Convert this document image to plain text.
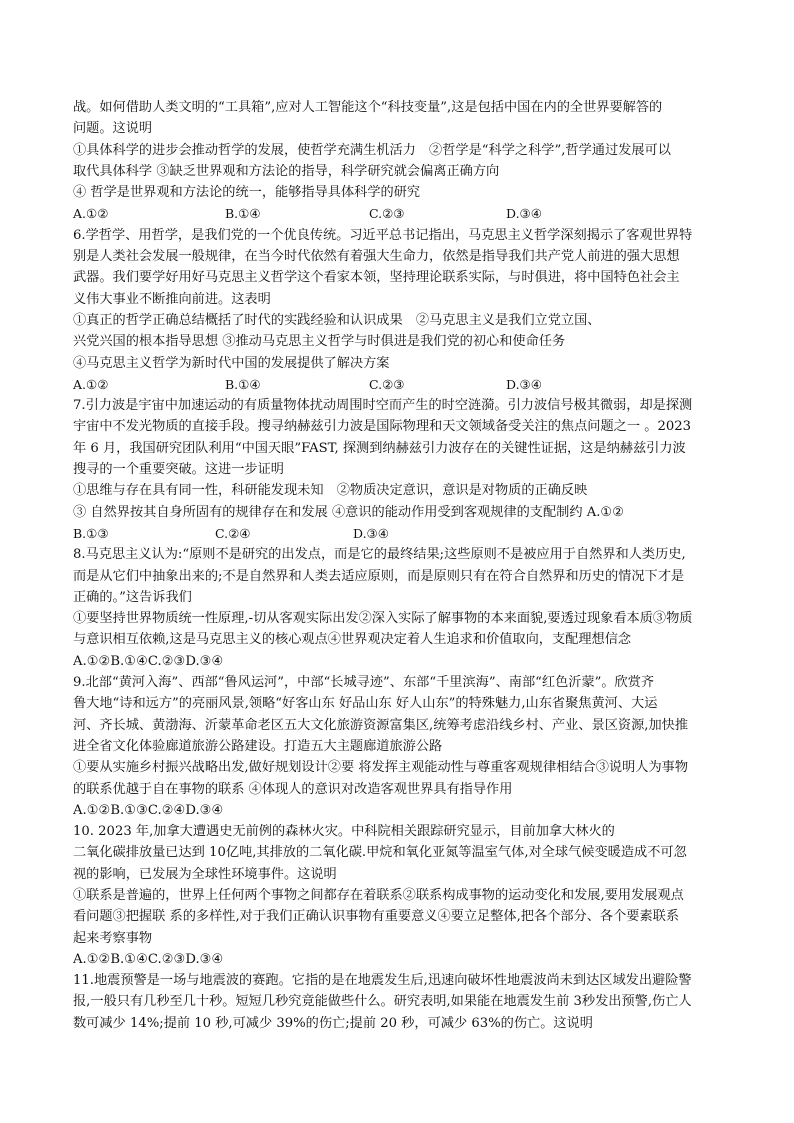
战。如何借助人类文明的“工具箱”,应对人工智能这个“科技变量”,这是包括中国在内的全世界要解答的
问题。这说明
①具体科学的进步会推动哲学的发展，使哲学充满生机活力　②哲学是“科学之科学”,哲学通过发展可以
取代具体科学 ③缺乏世界观和方法论的指导，科学研究就会偏离正确方向
④ 哲学是世界观和方法论的统一，能够指导具体科学的研究
A.①②	B.①④	C.②③	D.③④
6.学哲学、用哲学，是我们党的一个优良传统。习近平总书记指出，马克思主义哲学深刻揭示了客观世界特
别是人类社会发展一般规律，在当今时代依然有着强大生命力，依然是指导我们共产党人前进的强大思想
武器。我们要学好用好马克思主义哲学这个看家本领，坚持理论联系实际，与时俱进，将中国特色社会主
义伟大事业不断推向前进。这表明
①真正的哲学正确总结概括了时代的实践经验和认识成果　②马克思主义是我们立党立国、
兴党兴国的根本指导思想 ③推动马克思主义哲学与时俱进是我们党的初心和使命任务
④马克思主义哲学为新时代中国的发展提供了解决方案
A.①②	B.①④	C.②③	D.③④
7.引力波是宇宙中加速运动的有质量物体扰动周围时空而产生的时空涟漪。引力波信号极其微弱，却是探测
宇宙中不发光物质的直接手段。搜寻纳赫兹引力波是国际物理和天文领域备受关注的焦点问题之一 。2023
年 6 月，我国研究团队利用“中国天眼”FAST, 探测到纳赫兹引力波存在的关键性证据，这是纳赫兹引力波
搜寻的一个重要突破。这进一步证明
①思维与存在具有同一性，科研能发现未知　②物质决定意识，意识是对物质的正确反映
③ 自然界按其自身所固有的规律存在和发展 ④意识的能动作用受到客观规律的支配制约 A.①②
B.①③	C.②④	D.③④
8.马克思主义认为:“原则不是研究的出发点，而是它的最终结果;这些原则不是被应用于自然界和人类历史,
而是从它们中抽象出来的;不是自然界和人类去适应原则，而是原则只有在符合自然界和历史的情况下才是
正确的。”这告诉我们
①要坚持世界物质统一性原理,-切从客观实际出发②深入实际了解事物的本来面貌,要透过现象看本质③物质
与意识相互依赖,这是马克思主义的核心观点④世界观决定着人生追求和价值取向，支配理想信念
A.①②B.①④C.②③D.③④
9.北部“黄河入海”、西部“鲁风运河”，中部“长城寻迹”、东部“千里滨海”、南部“红色沂蒙”。欣赏齐
鲁大地“诗和远方”的亮丽风景,领略“好客山东 好品山东 好人山东”的特殊魅力,山东省聚焦黄河、大运
河、齐长城、黄渤海、沂蒙革命老区五大文化旅游资源富集区,统筹考虑沿线乡村、产业、景区资源,加快推
进全省文化体验廊道旅游公路建设。打造五大主题廊道旅游公路
①要从实施乡村振兴战略出发,做好规划设计②要 将发挥主观能动性与尊重客观规律相结合③说明人为事物
的联系优越于自在事物的联系 ④体现人的意识对改造客观世界具有指导作用
A.①②B.①③C.②④D.③④
10. 2023 年,加拿大遭遇史无前例的森林火灾。中科院相关跟踪研究显示，目前加拿大林火的
二氧化碳排放量已达到 10亿吨,其排放的二氧化碳.甲烷和氧化亚氮等温室气体,对全球气候变暖造成不可忽
视的影响，已发展为全球性环境事件。这说明
①联系是普遍的，世界上任何两个事物之间都存在着联系②联系构成事物的运动变化和发展,要用发展观点
看问题③把握联 系的多样性,对于我们正确认识事物有重要意义④要立足整体,把各个部分、各个要素联系
起来考察事物
A.①②B.①④C.②③D.③④
11.地震预警是一场与地震波的赛跑。它指的是在地震发生后,迅速向破坏性地震波尚未到达区域发出避险警
报,一般只有几秒至几十秒。短短几秒究竟能做些什么。研究表明,如果能在地震发生前 3秒发出预警,伤亡人
数可减少 14%;提前 10 秒,可减少 39%的伤亡;提前 20 秒，可减少 63%的伤亡。这说明
